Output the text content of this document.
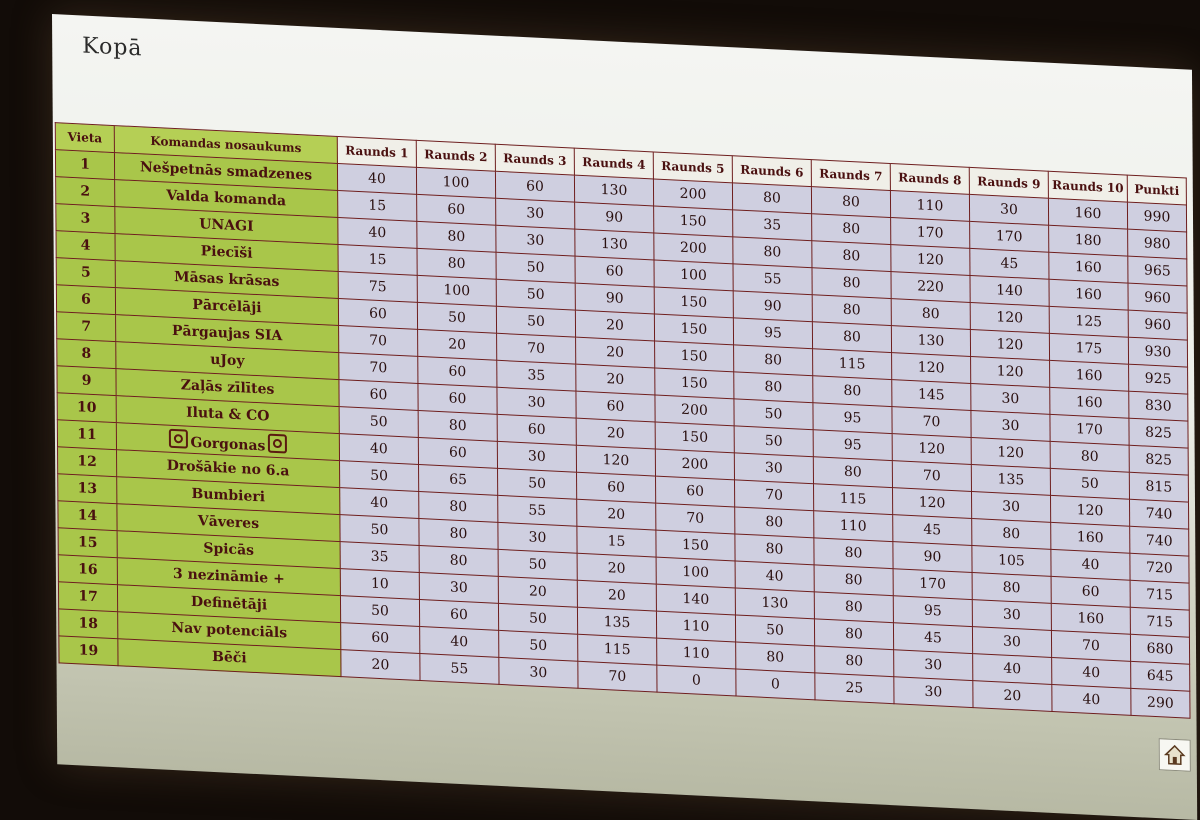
Kopā
Vieta	Komandas nosaukums	Raunds 1	Raunds 2	Raunds 3	Raunds 4	Raunds 5	Raunds 6	Raunds 7	Raunds 8	Raunds 9	Raunds 10	Punkti
1	Nešpetnās smadzenes	40	100	60	130	200	80	80	110	30	160	990
2	Valda komanda	15	60	30	90	150	35	80	170	170	180	980
3	UNAGI	40	80	30	130	200	80	80	120	45	160	965
4	Piecīši	15	80	50	60	100	55	80	220	140	160	960
5	Māsas krāsas	75	100	50	90	150	90	80	80	120	125	960
6	Pārcēlāji	60	50	50	20	150	95	80	130	120	175	930
7	Pārgaujas SIA	70	20	70	20	150	80	115	120	120	160	925
8	uJoy	70	60	35	20	150	80	80	145	30	160	830
9	Zaļās zīlītes	60	60	30	60	200	50	95	70	30	170	825
10	Iluta & CO	50	80	60	20	150	50	95	120	120	80	825
11	Gorgonas	40	60	30	120	200	30	80	70	135	50	815
12	Drošākie no 6.a	50	65	50	60	60	70	115	120	30	120	740
13	Bumbieri	40	80	55	20	70	80	110	45	80	160	740
14	Vāveres	50	80	30	15	150	80	80	90	105	40	720
15	Spicās	35	80	50	20	100	40	80	170	80	60	715
16	3 nezināmie +	10	30	20	20	140	130	80	95	30	160	715
17	Definētāji	50	60	50	135	110	50	80	45	30	70	680
18	Nav potenciāls	60	40	50	115	110	80	80	30	40	40	645
19	Bēči	20	55	30	70	0	0	25	30	20	40	290
